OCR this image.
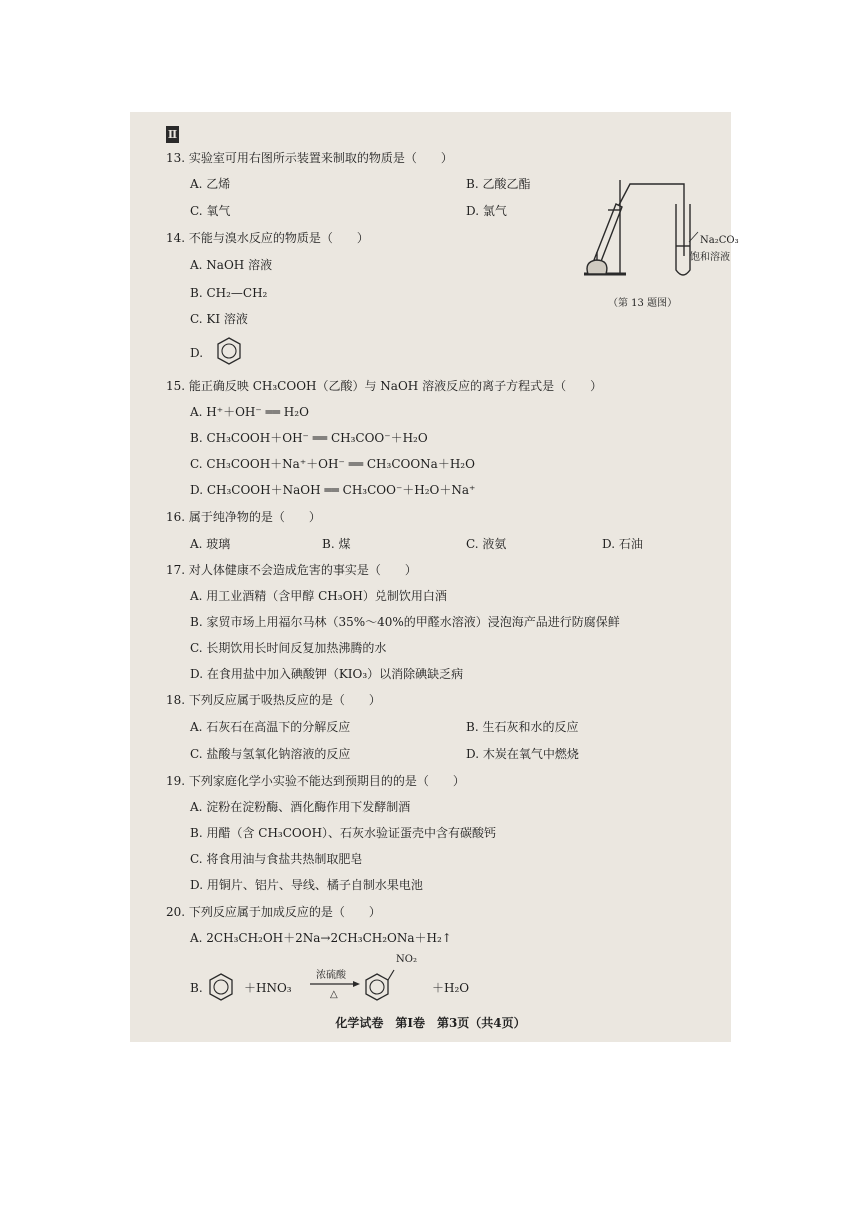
Ⅱ
13. 实验室可用右图所示装置来制取的物质是（　　）
A. 乙烯	B. 乙酸乙酯
C. 氧气	D. 氯气
Na₂CO₃
饱和溶液
（第 13 题图）
14. 不能与溴水反应的物质是（　　）
A. NaOH 溶液
B. CH₂—CH₂
C. KI 溶液
D.
15. 能正确反映 CH₃COOH（乙酸）与 NaOH 溶液反应的离子方程式是（　　）
A. H⁺＋OH⁻ ══ H₂O
B. CH₃COOH＋OH⁻ ══ CH₃COO⁻＋H₂O
C. CH₃COOH＋Na⁺＋OH⁻ ══ CH₃COONa＋H₂O
D. CH₃COOH＋NaOH ══ CH₃COO⁻＋H₂O＋Na⁺
16. 属于纯净物的是（　　）
A. 玻璃	B. 煤	C. 液氨	D. 石油
17. 对人体健康不会造成危害的事实是（　　）
A. 用工业酒精（含甲醇 CH₃OH）兑制饮用白酒
B. 家贸市场上用福尔马林（35%～40%的甲醛水溶液）浸泡海产品进行防腐保鲜
C. 长期饮用长时间反复加热沸腾的水
D. 在食用盐中加入碘酸钾（KIO₃）以消除碘缺乏病
18. 下列反应属于吸热反应的是（　　）
A. 石灰石在高温下的分解反应	B. 生石灰和水的反应
C. 盐酸与氢氧化钠溶液的反应	D. 木炭在氧气中燃烧
19. 下列家庭化学小实验不能达到预期目的的是（　　）
A. 淀粉在淀粉酶、酒化酶作用下发酵制酒
B. 用醋（含 CH₃COOH）、石灰水验证蛋壳中含有碳酸钙
C. 将食用油与食盐共热制取肥皂
D. 用铜片、铝片、导线、橘子自制水果电池
20. 下列反应属于加成反应的是（　　）
A. 2CH₃CH₂OH＋2Na→2CH₃CH₂ONa＋H₂↑
B.	＋HNO₃
浓硫酸
△
NO₂
＋H₂O
化学试卷　第Ⅰ卷　第3页（共4页）
